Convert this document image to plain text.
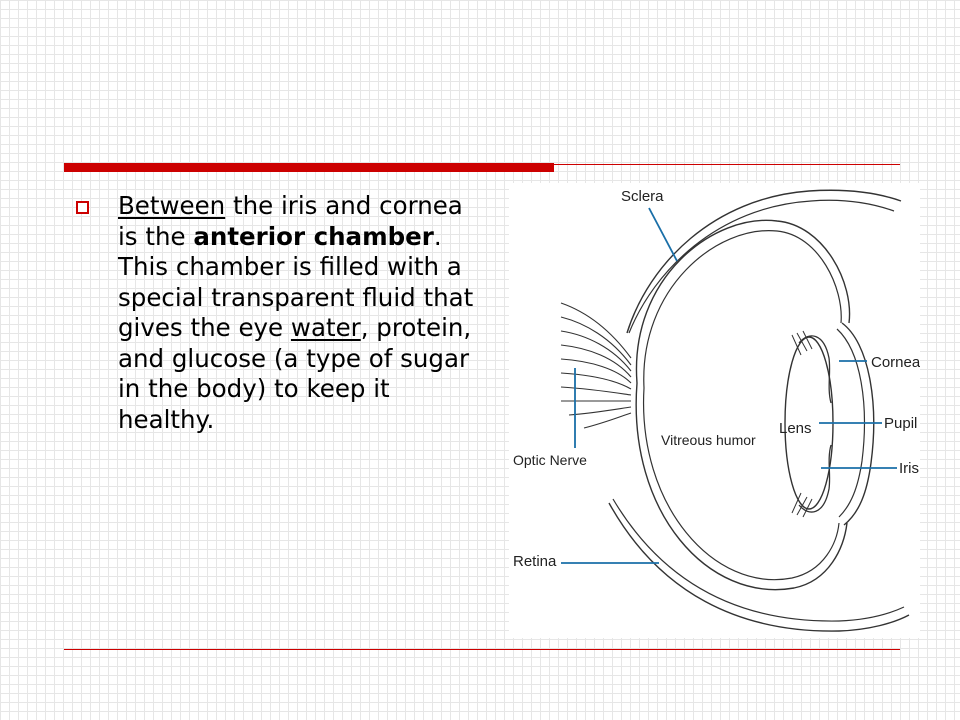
Between the iris and cornea is the anterior chamber. This chamber is filled with a special transparent fluid that gives the eye water, protein, and glucose (a type of sugar in the body) to keep it healthy.

Sclera
Cornea
Pupil
Iris
Lens
Vitreous humor
Optic Nerve
Retina
